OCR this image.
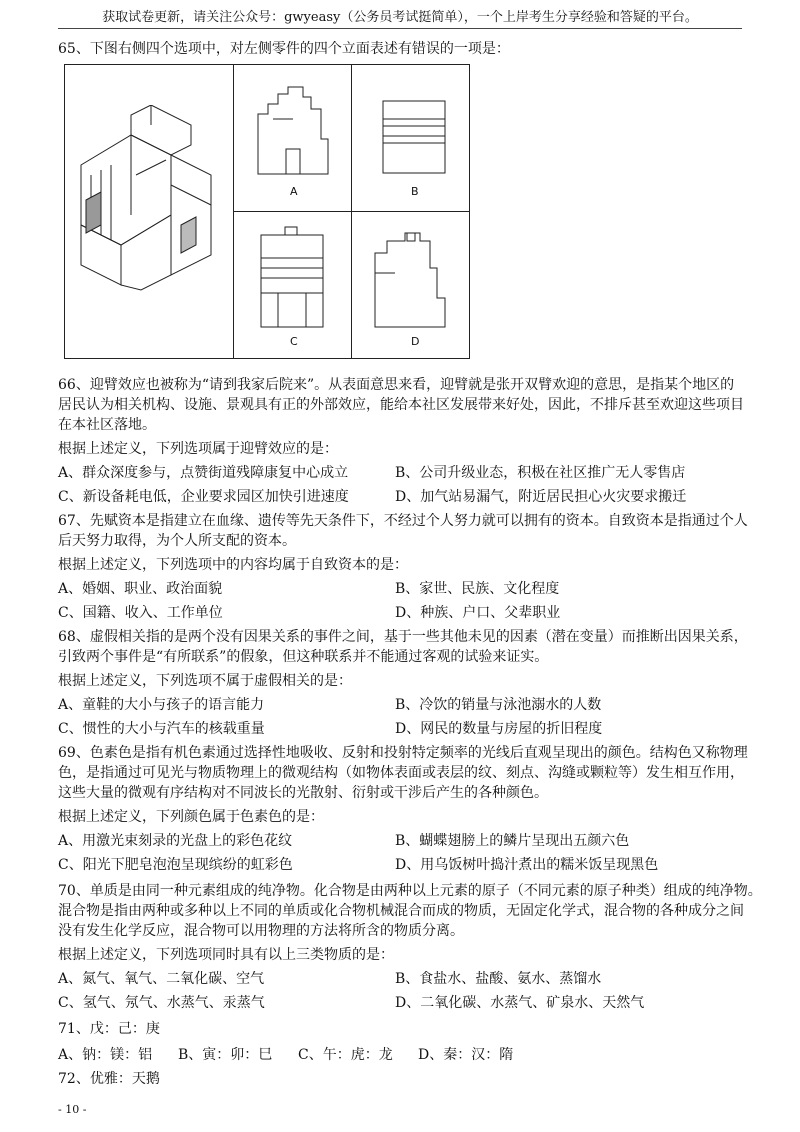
获取试卷更新，请关注公众号：gwyeasy（公务员考试挺简单），一个上岸考生分享经验和答疑的平台。
65、下图右侧四个选项中，对左侧零件的四个立面表述有错误的一项是：
A	B
C	D
66、迎臂效应也被称为“请到我家后院来”。从表面意思来看，迎臂就是张开双臂欢迎的意思，是指某个地区的
居民认为相关机构、设施、景观具有正的外部效应，能给本社区发展带来好处，因此，不排斥甚至欢迎这些项目
在本社区落地。
根据上述定义，下列选项属于迎臂效应的是：
A、群众深度参与，点赞街道残障康复中心成立	B、公司升级业态，积极在社区推广无人零售店
C、新设备耗电低，企业要求园区加快引进速度	D、加气站易漏气，附近居民担心火灾要求搬迁
67、先赋资本是指建立在血缘、遗传等先天条件下，不经过个人努力就可以拥有的资本。自致资本是指通过个人
后天努力取得，为个人所支配的资本。
根据上述定义，下列选项中的内容均属于自致资本的是：
A、婚姻、职业、政治面貌	B、家世、民族、文化程度
C、国籍、收入、工作单位	D、种族、户口、父辈职业
68、虚假相关指的是两个没有因果关系的事件之间，基于一些其他未见的因素（潜在变量）而推断出因果关系，
引致两个事件是“有所联系”的假象，但这种联系并不能通过客观的试验来证实。
根据上述定义，下列选项不属于虚假相关的是：
A、童鞋的大小与孩子的语言能力	B、冷饮的销量与泳池溺水的人数
C、惯性的大小与汽车的核载重量	D、网民的数量与房屋的折旧程度
69、色素色是指有机色素通过选择性地吸收、反射和投射特定频率的光线后直观呈现出的颜色。结构色又称物理
色，是指通过可见光与物质物理上的微观结构（如物体表面或表层的纹、刻点、沟缝或颗粒等）发生相互作用，
这些大量的微观有序结构对不同波长的光散射、衍射或干涉后产生的各种颜色。
根据上述定义，下列颜色属于色素色的是：
A、用激光束刻录的光盘上的彩色花纹	B、蝴蝶翅膀上的鳞片呈现出五颜六色
C、阳光下肥皂泡泡呈现缤纷的虹彩色	D、用乌饭树叶捣汁煮出的糯米饭呈现黑色
70、单质是由同一种元素组成的纯净物。化合物是由两种以上元素的原子（不同元素的原子种类）组成的纯净物。
混合物是指由两种或多种以上不同的单质或化合物机械混合而成的物质，无固定化学式，混合物的各种成分之间
没有发生化学反应，混合物可以用物理的方法将所含的物质分离。
根据上述定义，下列选项同时具有以上三类物质的是：
A、氮气、氧气、二氧化碳、空气	B、食盐水、盐酸、氨水、蒸馏水
C、氢气、氖气、水蒸气、汞蒸气	D、二氧化碳、水蒸气、矿泉水、天然气
71、戊：己：庚
A、钠：镁：铝 B、寅：卯：巳 C、午：虎：龙 D、秦：汉：隋
72、优雅：天鹅
- 10 -
